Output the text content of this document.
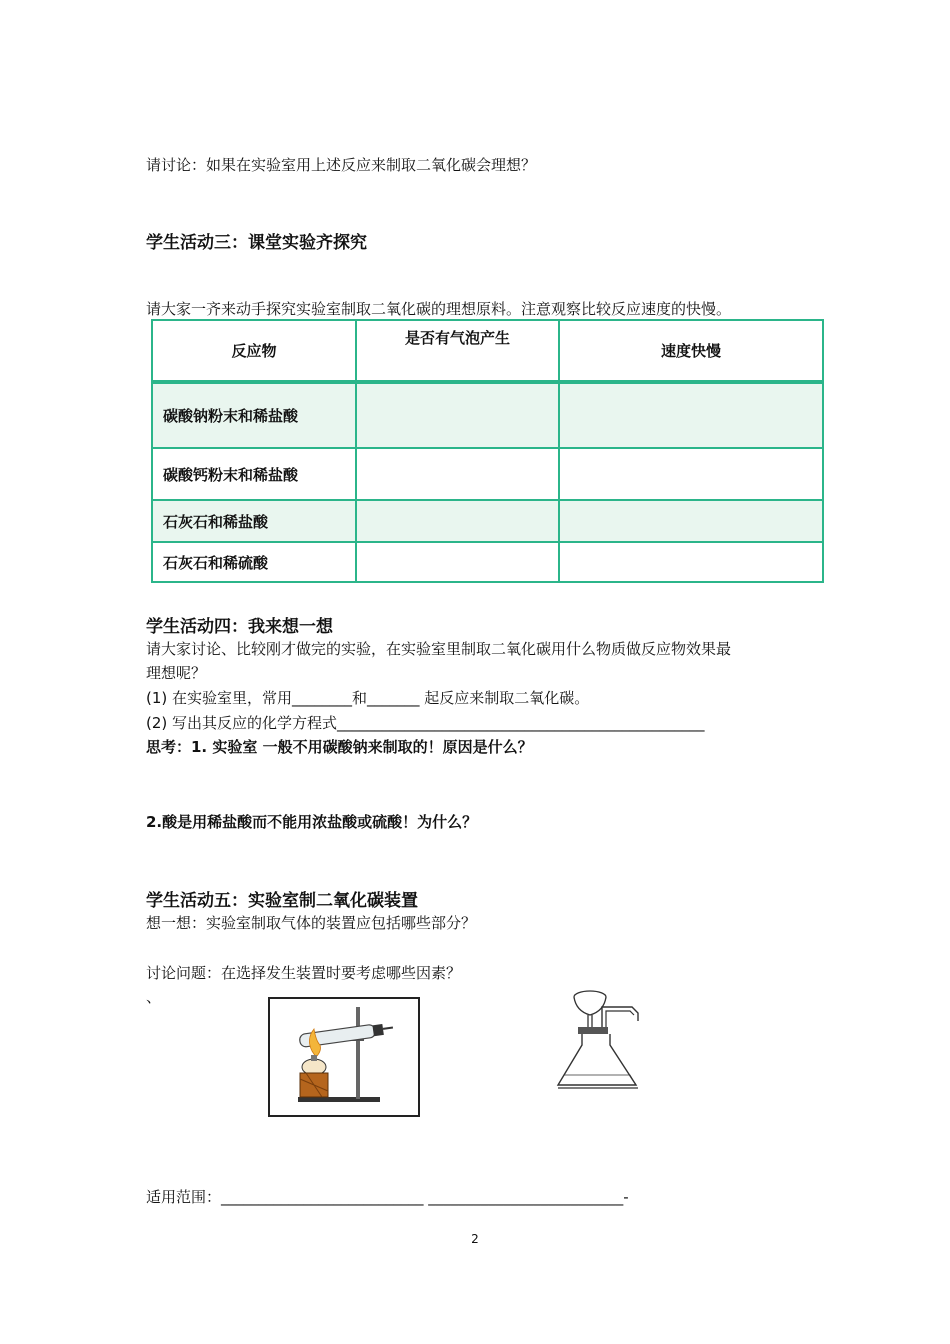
请讨论：如果在实验室用上述反应来制取二氧化碳会理想？
学生活动三：课堂实验齐探究
请大家一齐来动手探究实验室制取二氧化碳的理想原料。注意观察比较反应速度的快慢。
反应物	是否有气泡产生	速度快慢
碳酸钠粉末和稀盐酸		
碳酸钙粉末和稀盐酸		
石灰石和稀盐酸		
石灰石和稀硫酸		
学生活动四：我来想一想
请大家讨论、比较刚才做完的实验，在实验室里制取二氧化碳用什么物质做反应物效果最
理想呢？
(1) 在实验室里，常用________和_______ 起反应来制取二氧化碳。
(2) 写出其反应的化学方程式_________________________________________________
思考：1. 实验室 一般不用碳酸钠来制取的！原因是什么？
2.酸是用稀盐酸而不能用浓盐酸或硫酸！为什么？
学生活动五：实验室制二氧化碳装置
想一想：实验室制取气体的装置应包括哪些部分？
讨论问题：在选择发生装置时要考虑哪些因素？
、
适用范围：___________________________ __________________________-
2
